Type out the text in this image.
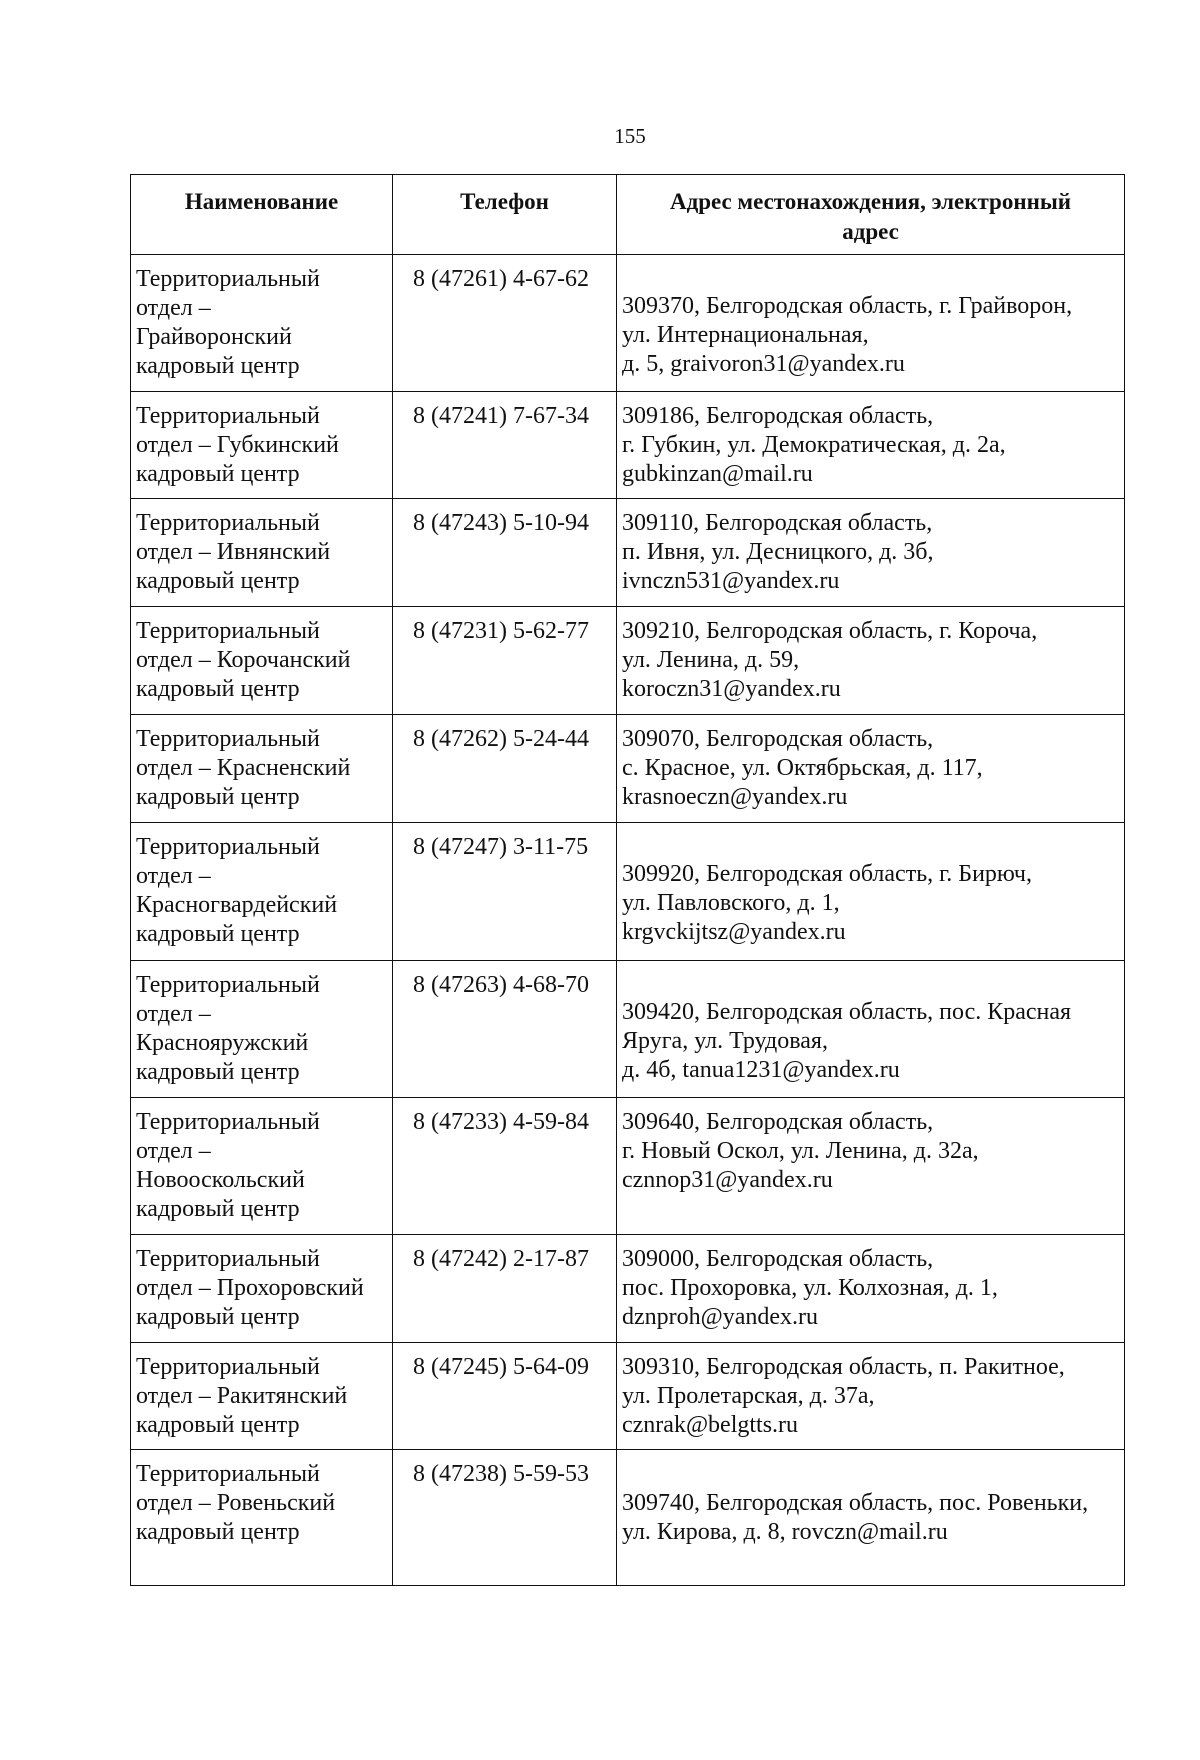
155
Наименование	Телефон	Адрес местонахождения, электронный
адрес

Территориальный
отдел –
Грайворонский
кадровый центр	8 (47261) 4-67-62	309370, Белгородская область, г. Грайворон,
ул. Интернациональная,
д. 5, graivoron31@yandex.ru

Территориальный
отдел – Губкинский
кадровый центр	8 (47241) 7-67-34	309186, Белгородская область,
г. Губкин, ул. Демократическая, д. 2а,
gubkinzan@mail.ru

Территориальный
отдел – Ивнянский
кадровый центр	8 (47243) 5-10-94	309110, Белгородская область,
п. Ивня, ул. Десницкого, д. 3б,
ivnczn531@yandex.ru

Территориальный
отдел – Корочанский
кадровый центр	8 (47231) 5-62-77	309210, Белгородская область, г. Короча,
ул. Ленина, д. 59,
koroczn31@yandex.ru

Территориальный
отдел – Красненский
кадровый центр	8 (47262) 5-24-44	309070, Белгородская область,
с. Красное, ул. Октябрьская, д. 117,
krasnoeczn@yandex.ru

Территориальный
отдел –
Красногвардейский
кадровый центр	8 (47247) 3-11-75	309920, Белгородская область, г. Бирюч,
ул. Павловского, д. 1,
krgvckijtsz@yandex.ru

Территориальный
отдел –
Краснояружский
кадровый центр	8 (47263) 4-68-70	309420, Белгородская область, пос. Красная
Яруга, ул. Трудовая,
д. 4б, tanua1231@yandex.ru

Территориальный
отдел –
Новооскольский
кадровый центр	8 (47233) 4-59-84	309640, Белгородская область,
г. Новый Оскол, ул. Ленина, д. 32а,
cznnop31@yandex.ru

Территориальный
отдел – Прохоровский
кадровый центр	8 (47242) 2-17-87	309000, Белгородская область,
пос. Прохоровка, ул. Колхозная, д. 1,
dznproh@yandex.ru

Территориальный
отдел – Ракитянский
кадровый центр	8 (47245) 5-64-09	309310, Белгородская область, п. Ракитное,
ул. Пролетарская, д. 37а,
cznrak@belgtts.ru

Территориальный
отдел – Ровеньский
кадровый центр	8 (47238) 5-59-53	309740, Белгородская область, пос. Ровеньки,
ул. Кирова, д. 8, rovczn@mail.ru
